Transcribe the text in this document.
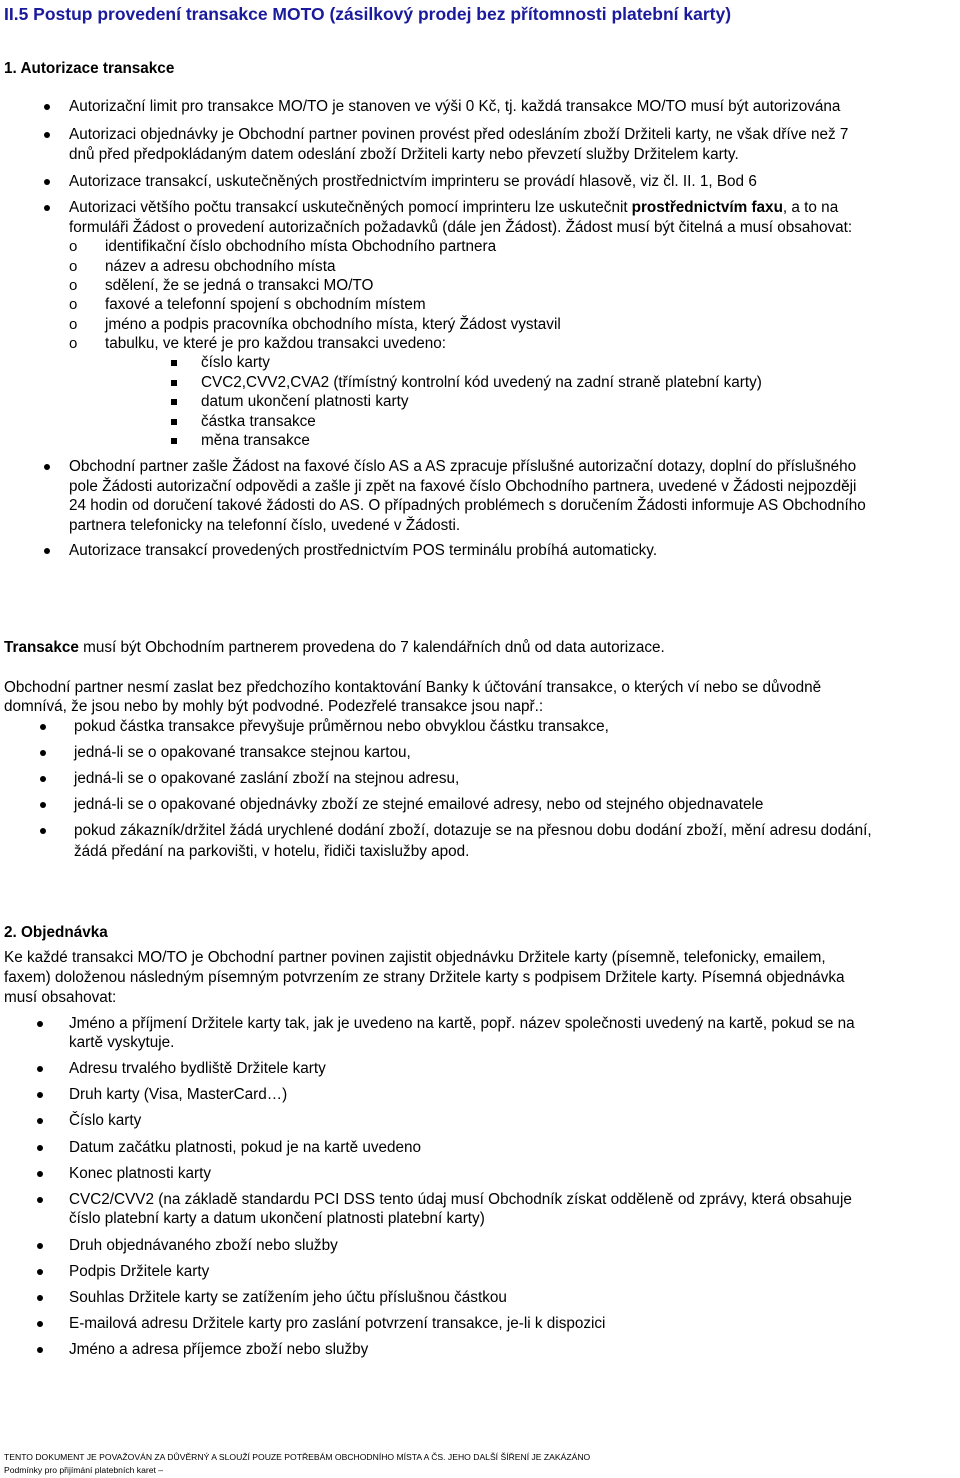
II.5 Postup provedení transakce MOTO (zásilkový prodej bez přítomnosti platební karty)
1. Autorizace transakce
Autorizační limit pro transakce MO/TO je stanoven ve výši 0 Kč, tj. každá transakce MO/TO musí být autorizována
Autorizaci objednávky je Obchodní partner povinen provést před odesláním zboží Držiteli karty, ne však dříve než 7
dnů před předpokládaným datem odeslání zboží Držiteli karty nebo převzetí služby Držitelem karty.
Autorizace transakcí, uskutečněných prostřednictvím imprinteru se provádí hlasově, viz čl. II. 1, Bod 6
Autorizaci většího počtu transakcí uskutečněných pomocí imprinteru lze uskutečnit prostřednictvím faxu , a to na
formuláři Žádost o provedení autorizačních požadavků (dále jen Žádost). Žádost musí být čitelná a musí obsahovat:
o identifikační číslo obchodního místa Obchodního partnera
o název a adresu obchodního místa
o sdělení, že se jedná o transakci MO/TO
o faxové a telefonní spojení s obchodním místem
o jméno a podpis pracovníka obchodního místa, který Žádost vystavil
o tabulku, ve které je pro každou transakci uvedeno:
číslo karty
CVC2,CVV2,CVA2 (třímístný kontrolní kód uvedený na zadní straně platební karty)
datum ukončení platnosti karty
částka transakce
měna transakce
Obchodní partner zašle Žádost na faxové číslo AS a AS zpracuje příslušné autorizační dotazy, doplní do příslušného
pole Žádosti autorizační odpovědi a zašle ji zpět na faxové číslo Obchodního partnera, uvedené v Žádosti nejpozději
24 hodin od doručení takové žádosti do AS. O případných problémech s doručením Žádosti informuje AS Obchodního
partnera telefonicky na telefonní číslo, uvedené v Žádosti.
Autorizace transakcí provedených prostřednictvím POS terminálu probíhá automaticky.
Transakce musí být Obchodním partnerem provedena do 7 kalendářních dnů od data autorizace.
Obchodní partner nesmí zaslat bez předchozího kontaktování Banky k účtování transakce, o kterých ví nebo se důvodně
domnívá, že jsou nebo by mohly být podvodné. Podezřelé transakce jsou např.:
pokud částka transakce převyšuje průměrnou nebo obvyklou částku transakce,
jedná-li se o opakované transakce stejnou kartou,
jedná-li se o opakované zaslání zboží na stejnou adresu,
jedná-li se o opakované objednávky zboží ze stejné emailové adresy, nebo od stejného objednavatele
pokud zákazník/držitel žádá urychlené dodání zboží, dotazuje se na přesnou dobu dodání zboží, mění adresu dodání,
žádá předání na parkovišti, v hotelu, řidiči taxislužby apod.
2. Objednávka
Ke každé transakci MO/TO je Obchodní partner povinen zajistit objednávku Držitele karty (písemně, telefonicky, emailem,
faxem) doloženou následným písemným potvrzením ze strany Držitele karty s podpisem Držitele karty. Písemná objednávka
musí obsahovat:
Jméno a příjmení Držitele karty tak, jak je uvedeno na kartě, popř. název společnosti uvedený na kartě, pokud se na
kartě vyskytuje.
Adresu trvalého bydliště Držitele karty
Druh karty (Visa, MasterCard…)
Číslo karty
Datum začátku platnosti, pokud je na kartě uvedeno
Konec platnosti karty
CVC2/CVV2 (na základě standardu PCI DSS tento údaj musí Obchodník získat odděleně od zprávy, která obsahuje
číslo platební karty a datum ukončení platnosti platební karty)
Druh objednávaného zboží nebo služby
Podpis Držitele karty
Souhlas Držitele karty se zatížením jeho účtu příslušnou částkou
E-mailová adresu Držitele karty pro zaslání potvrzení transakce, je-li k dispozici
Jméno a adresa příjemce zboží nebo služby
TENTO DOKUMENT JE POVAŽOVÁN ZA DŮVĚRNÝ A SLOUŽÍ POUZE POTŘEBÁM OBCHODNÍHO MÍSTA A ČS. JEHO DALŠÍ ŠÍŘENÍ JE ZAKÁZÁNO
Podmínky pro přijímání platebních karet –
